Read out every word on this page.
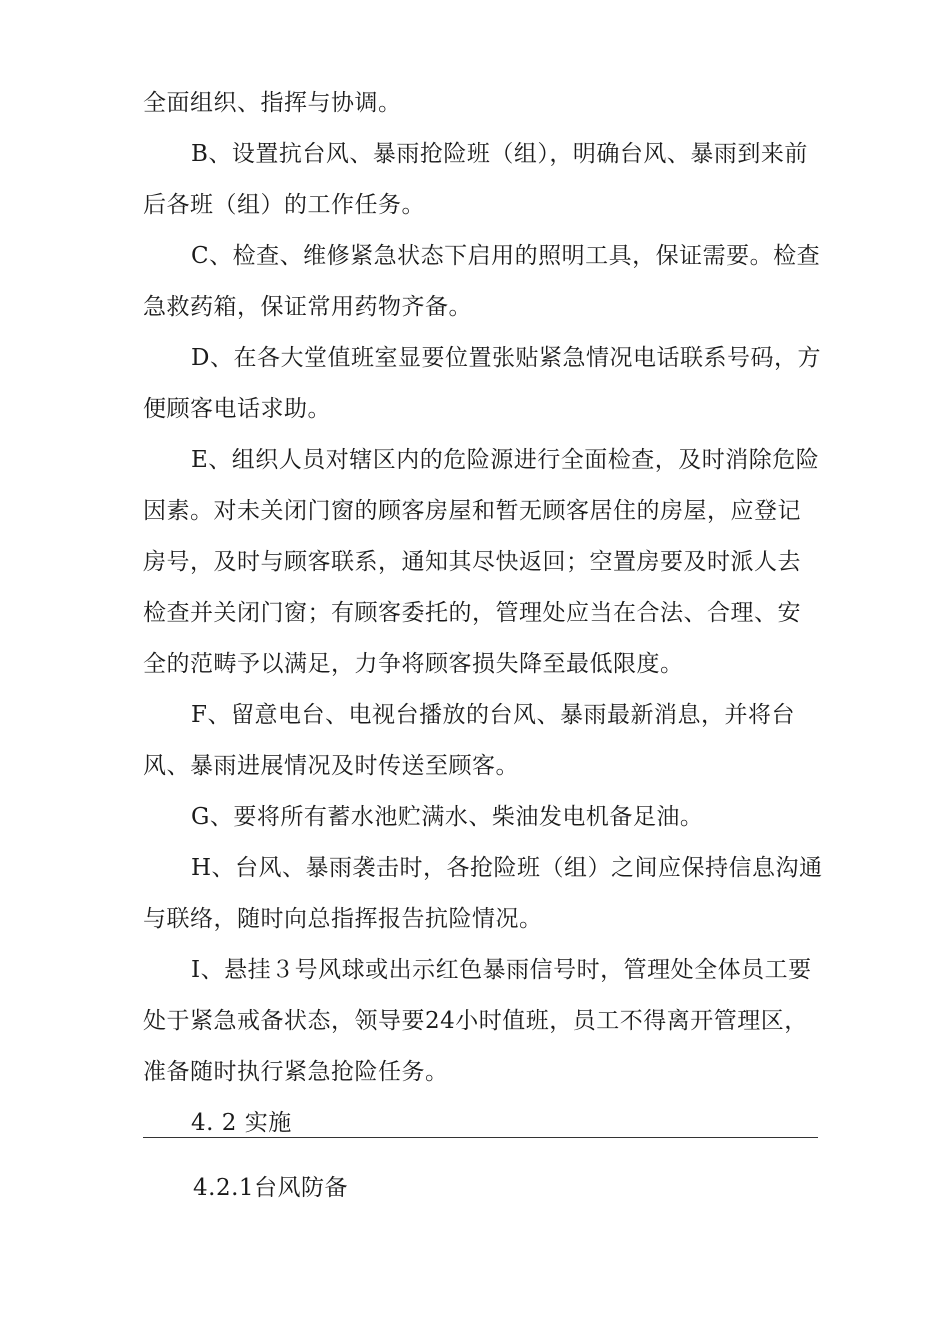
全面组织、指挥与协调。

B、设置抗台风、暴雨抢险班（组），明确台风、暴雨到来前后各班（组）的工作任务。

C、检查、维修紧急状态下启用的照明工具，保证需要。检查急救药箱，保证常用药物齐备。

D、在各大堂值班室显要位置张贴紧急情况电话联系号码，方便顾客电话求助。

E、组织人员对辖区内的危险源进行全面检查，及时消除危险因素。对未关闭门窗的顾客房屋和暂无顾客居住的房屋，应登记房号，及时与顾客联系，通知其尽快返回；空置房要及时派人去检查并关闭门窗；有顾客委托的，管理处应当在合法、合理、安全的范畴予以满足，力争将顾客损失降至最低限度。

F、留意电台、电视台播放的台风、暴雨最新消息，并将台风、暴雨进展情况及时传送至顾客。

G、要将所有蓄水池贮满水、柴油发电机备足油。

H、台风、暴雨袭击时，各抢险班（组）之间应保持信息沟通与联络，随时向总指挥报告抗险情况。

I、悬挂３号风球或出示红色暴雨信号时，管理处全体员工要处于紧急戒备状态，领导要24小时值班，员工不得离开管理区，准备随时执行紧急抢险任务。

4. 2 实施

4.2.1台风防备
